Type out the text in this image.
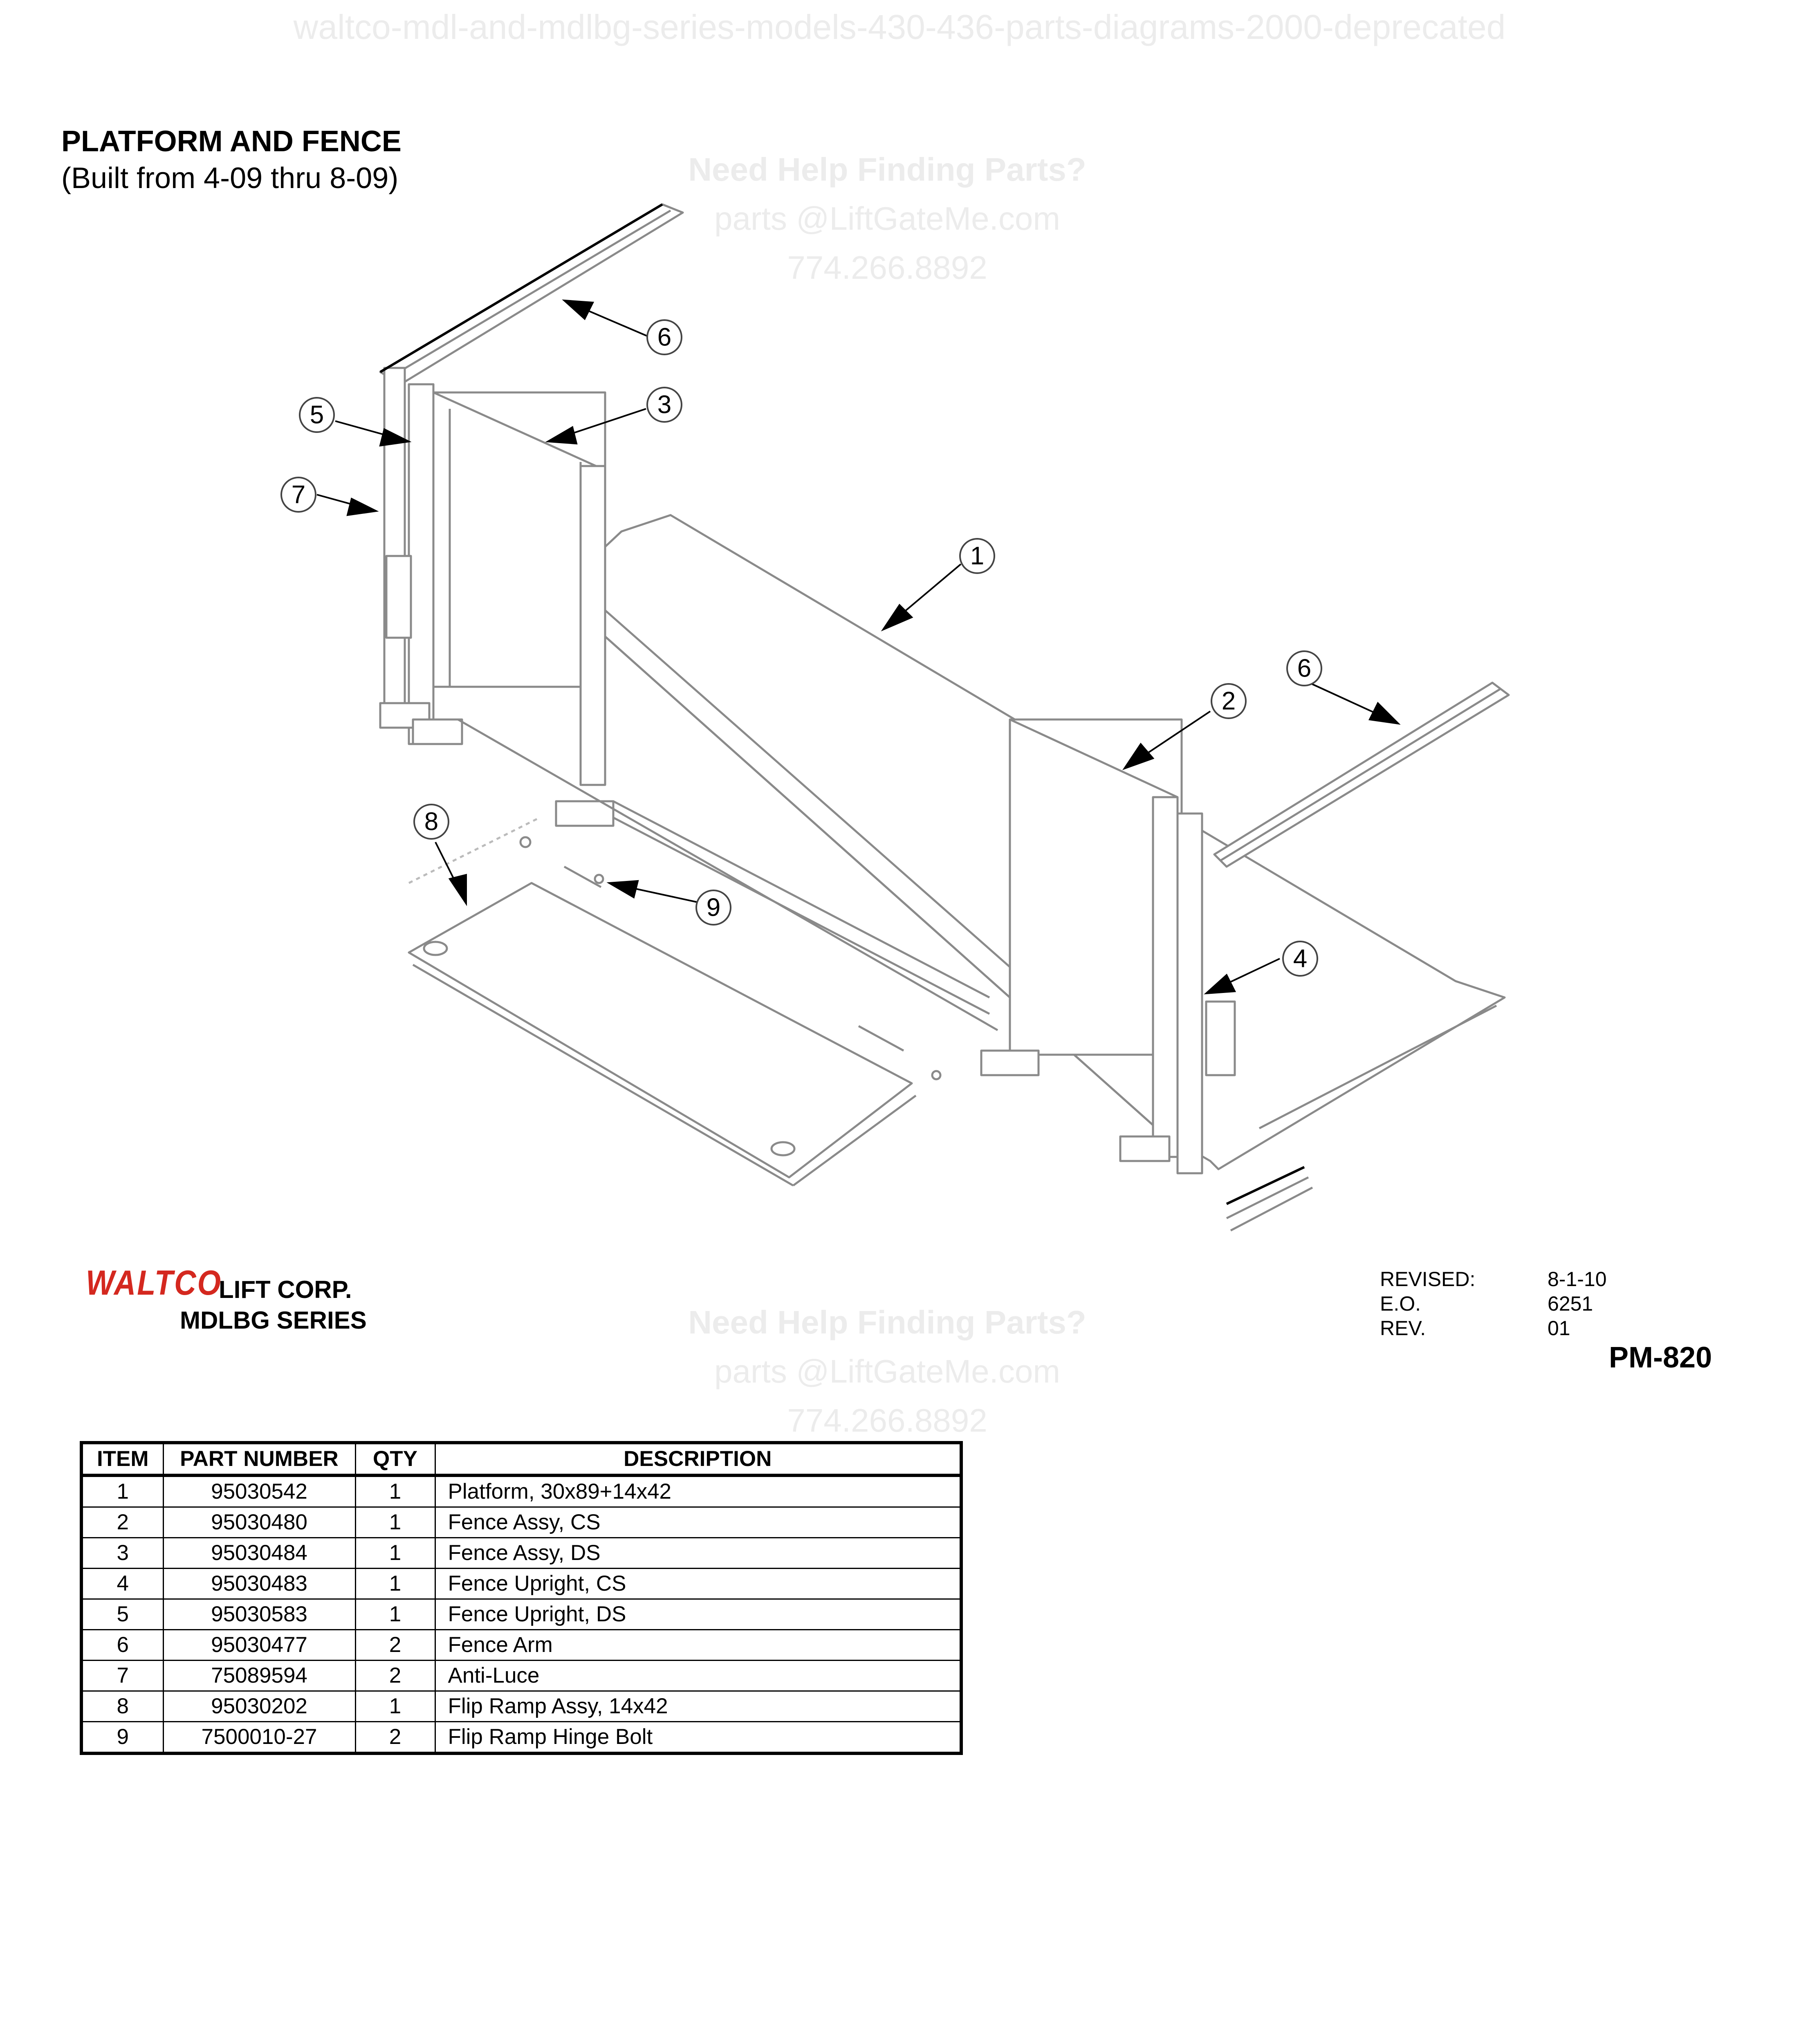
waltco-mdl-and-mdlbg-series-models-430-436-parts-diagrams-2000-deprecated
PLATFORM AND FENCE
(Built from 4-09 thru 8-09)	Need Help Finding Parts?
parts @LiftGateMe.com
774.266.8892
6
5	3
7
1
6
2
8
9
4
WALTCO
LIFT CORP.
MDLBG SERIES	Need Help Finding Parts?
parts @LiftGateMe.com
774.266.8892
REVISED:	8-1-10
E.O.	6251
REV.	01
PM-820
ITEM	PART NUMBER	QTY	DESCRIPTION
1	95030542	1	Platform, 30x89+14x42
2	95030480	1	Fence Assy, CS
3	95030484	1	Fence Assy, DS
4	95030483	1	Fence Upright, CS
5	95030583	1	Fence Upright, DS
6	95030477	2	Fence Arm
7	75089594	2	Anti-Luce
8	95030202	1	Flip Ramp Assy, 14x42
9	7500010-27	2	Flip Ramp Hinge Bolt
